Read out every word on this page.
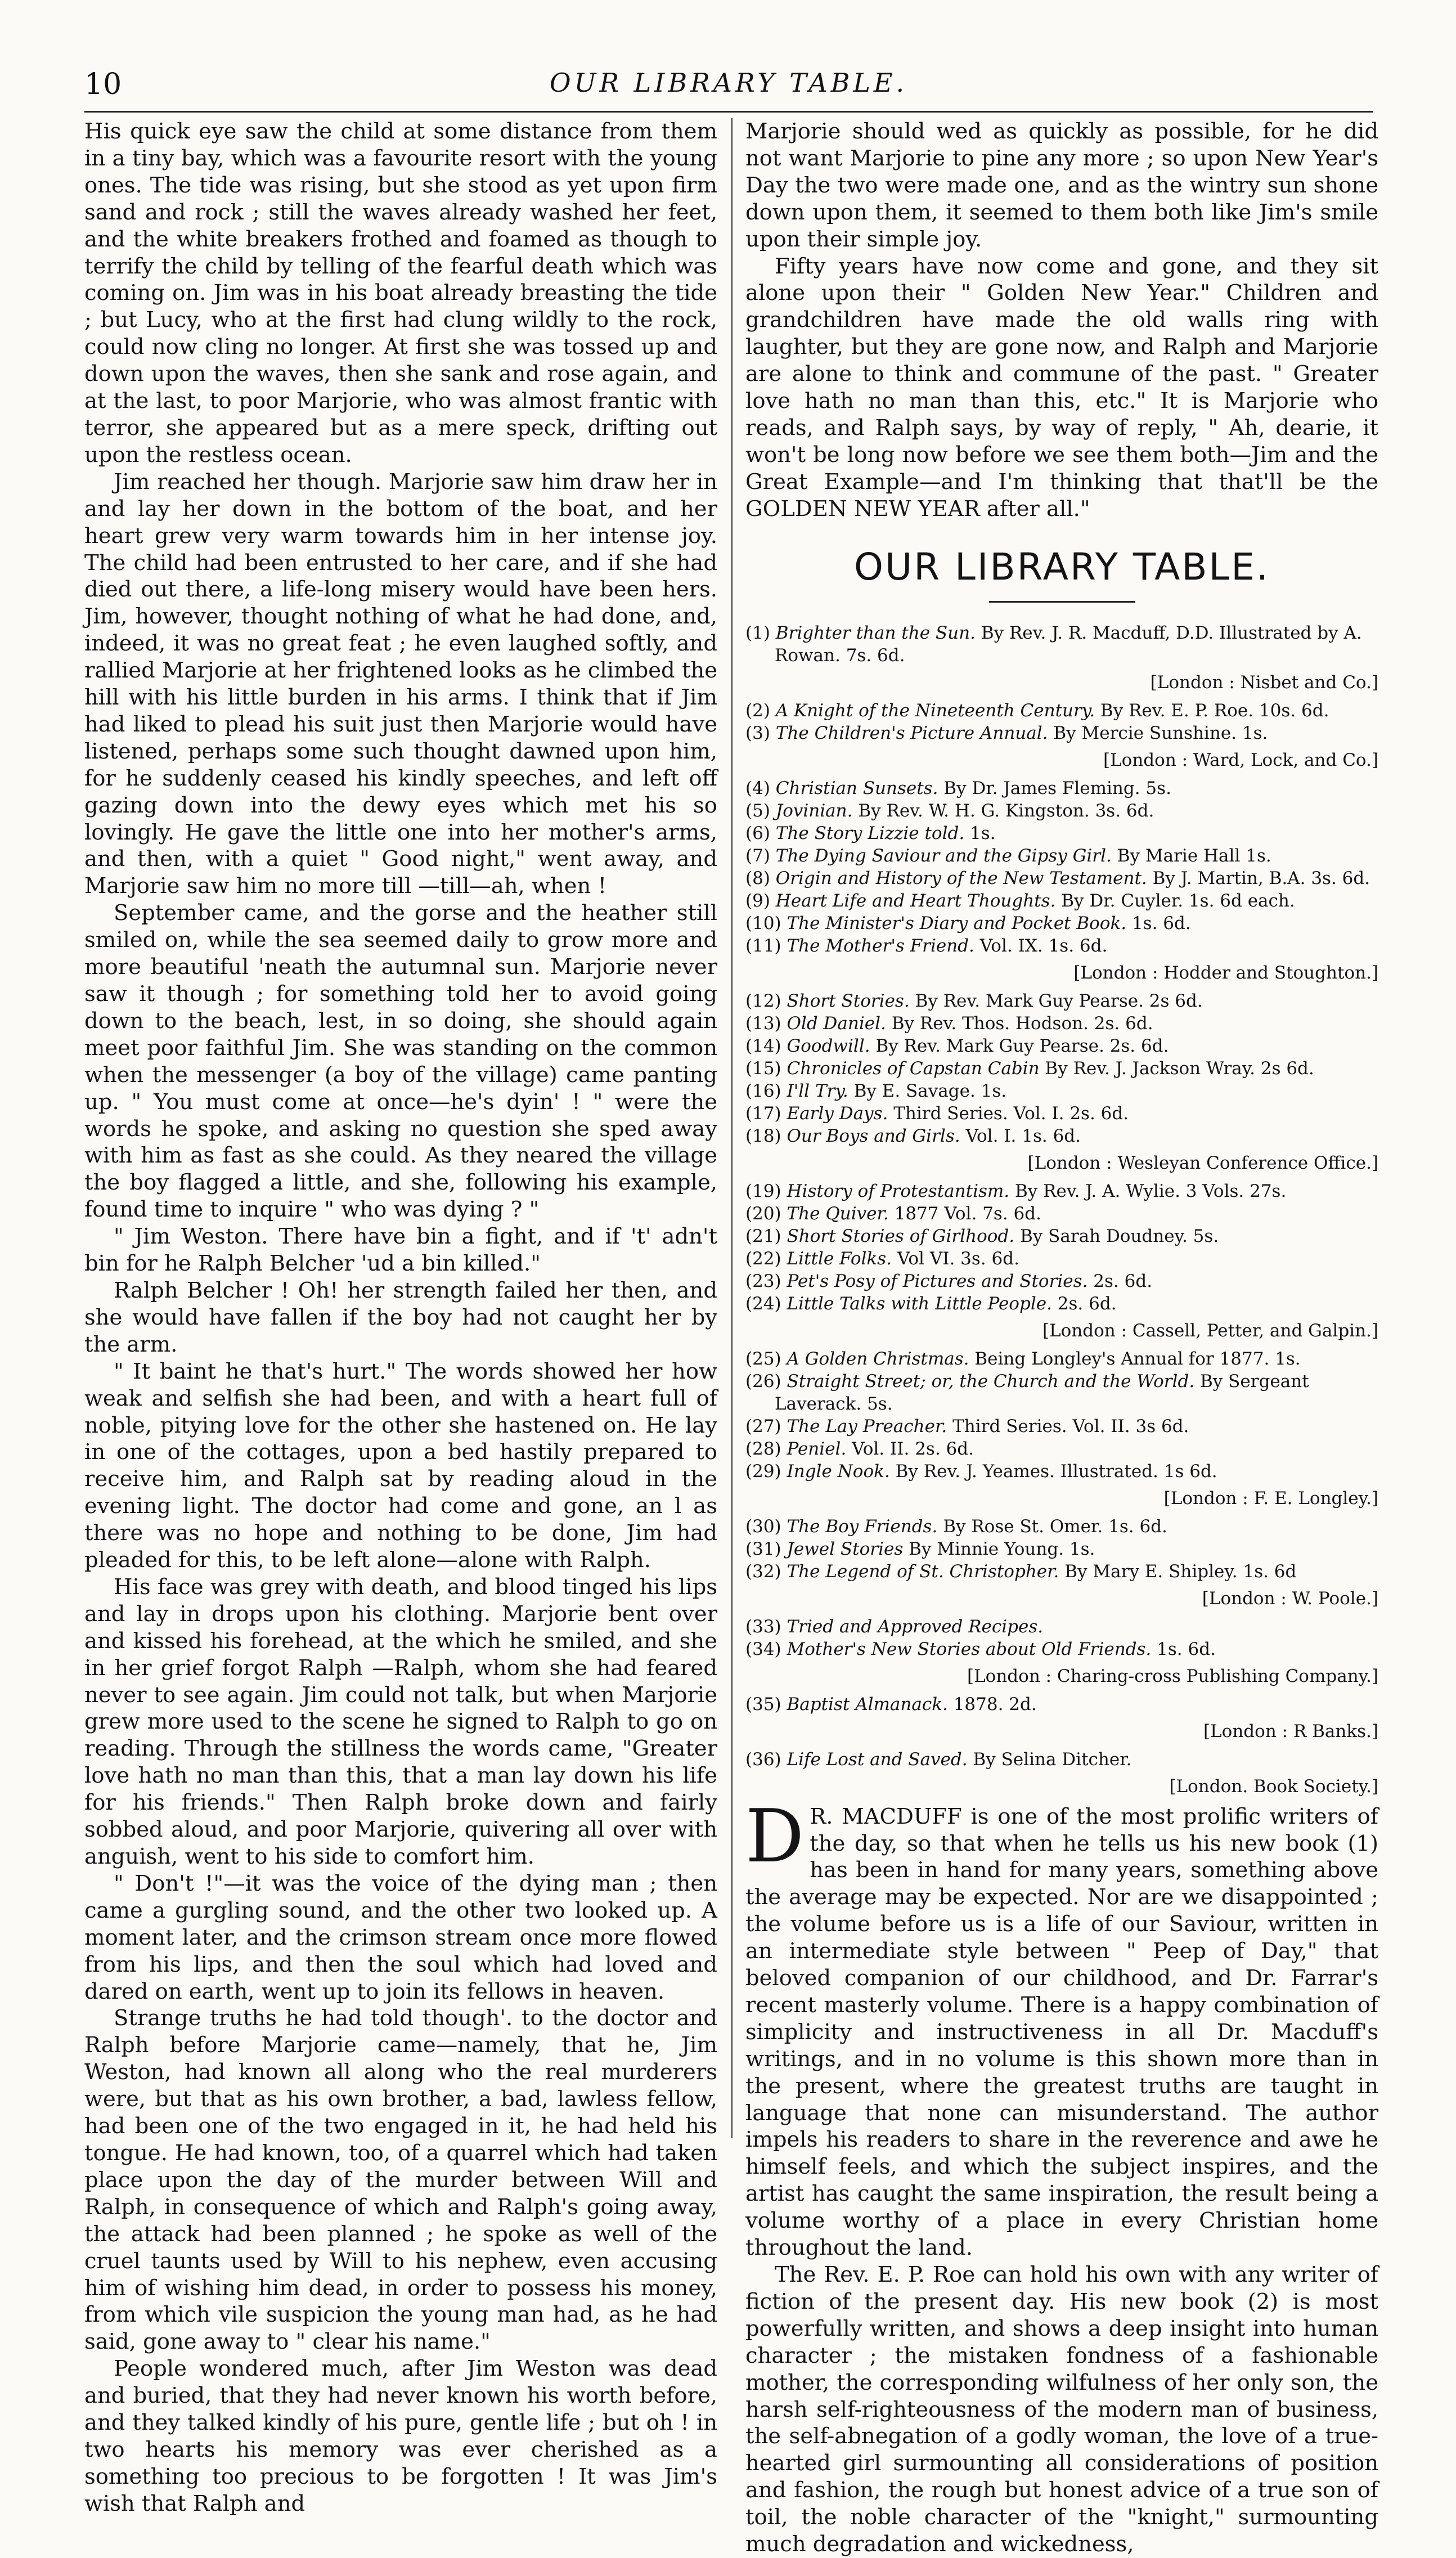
10	OUR LIBRARY TABLE.

His quick eye saw the child at some distance from them in a tiny bay, which was a favourite resort with the young ones. The tide was rising, but she stood as yet upon firm sand and rock ; still the waves already washed her feet, and the white breakers frothed and foamed as though to terrify the child by telling of the fearful death which was coming on. Jim was in his boat already breasting the tide ; but Lucy, who at the first had clung wildly to the rock, could now cling no longer. At first she was tossed up and down upon the waves, then she sank and rose again, and at the last, to poor Marjorie, who was almost frantic with terror, she appeared but as a mere speck, drifting out upon the restless ocean.

Jim reached her though. Marjorie saw him draw her in and lay her down in the bottom of the boat, and her heart grew very warm towards him in her intense joy. The child had been entrusted to her care, and if she had died out there, a life-long misery would have been hers. Jim, however, thought nothing of what he had done, and, indeed, it was no great feat ; he even laughed softly, and rallied Marjorie at her frightened looks as he climbed the hill with his little burden in his arms. I think that if Jim had liked to plead his suit just then Marjorie would have listened, perhaps some such thought dawned upon him, for he suddenly ceased his kindly speeches, and left off gazing down into the dewy eyes which met his so lovingly. He gave the little one into her mother's arms, and then, with a quiet " Good night," went away, and Marjorie saw him no more till —till—ah, when !

September came, and the gorse and the heather still smiled on, while the sea seemed daily to grow more and more beautiful 'neath the autumnal sun. Marjorie never saw it though ; for something told her to avoid going down to the beach, lest, in so doing, she should again meet poor faithful Jim. She was standing on the common when the messenger (a boy of the village) came panting up. " You must come at once—he's dyin' ! " were the words he spoke, and asking no question she sped away with him as fast as she could. As they neared the village the boy flagged a little, and she, following his example, found time to inquire " who was dying ? "

" Jim Weston. There have bin a fight, and if 't' adn't bin for he Ralph Belcher 'ud a bin killed."

Ralph Belcher ! Oh! her strength failed her then, and she would have fallen if the boy had not caught her by the arm.

" It baint he that's hurt." The words showed her how weak and selfish she had been, and with a heart full of noble, pitying love for the other she hastened on. He lay in one of the cottages, upon a bed hastily prepared to receive him, and Ralph sat by reading aloud in the evening light. The doctor had come and gone, an l as there was no hope and nothing to be done, Jim had pleaded for this, to be left alone—alone with Ralph.

His face was grey with death, and blood tinged his lips and lay in drops upon his clothing. Marjorie bent over and kissed his forehead, at the which he smiled, and she in her grief forgot Ralph —Ralph, whom she had feared never to see again. Jim could not talk, but when Marjorie grew more used to the scene he signed to Ralph to go on reading. Through the stillness the words came, "Greater love hath no man than this, that a man lay down his life for his friends." Then Ralph broke down and fairly sobbed aloud, and poor Marjorie, quivering all over with anguish, went to his side to comfort him.

" Don't !"—it was the voice of the dying man ; then came a gurgling sound, and the other two looked up. A moment later, and the crimson stream once more flowed from his lips, and then the soul which had loved and dared on earth, went up to join its fellows in heaven.

Strange truths he had told though'. to the doctor and Ralph before Marjorie came—namely, that he, Jim Weston, had known all along who the real murderers were, but that as his own brother, a bad, lawless fellow, had been one of the two engaged in it, he had held his tongue. He had known, too, of a quarrel which had taken place upon the day of the murder between Will and Ralph, in consequence of which and Ralph's going away, the attack had been planned ; he spoke as well of the cruel taunts used by Will to his nephew, even accusing him of wishing him dead, in order to possess his money, from which vile suspicion the young man had, as he had said, gone away to " clear his name."

People wondered much, after Jim Weston was dead and buried, that they had never known his worth before, and they talked kindly of his pure, gentle life ; but oh ! in two hearts his memory was ever cherished as a something too precious to be forgotten ! It was Jim's wish that Ralph and

Marjorie should wed as quickly as possible, for he did not want Marjorie to pine any more ; so upon New Year's Day the two were made one, and as the wintry sun shone down upon them, it seemed to them both like Jim's smile upon their simple joy.

Fifty years have now come and gone, and they sit alone upon their " Golden New Year." Children and grandchildren have made the old walls ring with laughter, but they are gone now, and Ralph and Marjorie are alone to think and commune of the past. " Greater love hath no man than this, etc." It is Marjorie who reads, and Ralph says, by way of reply, " Ah, dearie, it won't be long now before we see them both—Jim and the Great Example—and I'm thinking that that'll be the GOLDEN NEW YEAR after all."

OUR LIBRARY TABLE.
(1) Brighter than the Sun. By Rev. J. R. Macduff, D.D. Illustrated by A. Rowan. 7s. 6d.
[London : Nisbet and Co.]
(2) A Knight of the Nineteenth Century. By Rev. E. P. Roe. 10s. 6d.
(3) The Children's Picture Annual. By Mercie Sunshine. 1s.
[London : Ward, Lock, and Co.]
(4) Christian Sunsets. By Dr. James Fleming. 5s.
(5) Jovinian. By Rev. W. H. G. Kingston. 3s. 6d.
(6) The Story Lizzie told. 1s.
(7) The Dying Saviour and the Gipsy Girl. By Marie Hall 1s.
(8) Origin and History of the New Testament. By J. Martin, B.A. 3s. 6d.
(9) Heart Life and Heart Thoughts. By Dr. Cuyler. 1s. 6d each.
(10) The Minister's Diary and Pocket Book. 1s. 6d.
(11) The Mother's Friend. Vol. IX. 1s. 6d.
[London : Hodder and Stoughton.]
(12) Short Stories. By Rev. Mark Guy Pearse. 2s 6d.
(13) Old Daniel. By Rev. Thos. Hodson. 2s. 6d.
(14) Goodwill. By Rev. Mark Guy Pearse. 2s. 6d.
(15) Chronicles of Capstan Cabin By Rev. J. Jackson Wray. 2s 6d.
(16) I'll Try. By E. Savage. 1s.
(17) Early Days. Third Series. Vol. I. 2s. 6d.
(18) Our Boys and Girls. Vol. I. 1s. 6d.
[London : Wesleyan Conference Office.]
(19) History of Protestantism. By Rev. J. A. Wylie. 3 Vols. 27s.
(20) The Quiver. 1877 Vol. 7s. 6d.
(21) Short Stories of Girlhood. By Sarah Doudney. 5s.
(22) Little Folks. Vol VI. 3s. 6d.
(23) Pet's Posy of Pictures and Stories. 2s. 6d.
(24) Little Talks with Little People. 2s. 6d.
[London : Cassell, Petter, and Galpin.]
(25) A Golden Christmas. Being Longley's Annual for 1877. 1s.
(26) Straight Street; or, the Church and the World. By Sergeant Laverack. 5s.
(27) The Lay Preacher. Third Series. Vol. II. 3s 6d.
(28) Peniel. Vol. II. 2s. 6d.
(29) Ingle Nook. By Rev. J. Yeames. Illustrated. 1s 6d.
[London : F. E. Longley.]
(30) The Boy Friends. By Rose St. Omer. 1s. 6d.
(31) Jewel Stories By Minnie Young. 1s.
(32) The Legend of St. Christopher. By Mary E. Shipley. 1s. 6d
[London : W. Poole.]
(33) Tried and Approved Recipes.
(34) Mother's New Stories about Old Friends. 1s. 6d.
[London : Charing-cross Publishing Company.]
(35) Baptist Almanack. 1878. 2d.
[London : R Banks.]
(36) Life Lost and Saved. By Selina Ditcher.
[London. Book Society.]

D R. MACDUFF is one of the most prolific writers of the day, so that when he tells us his new book (1) has been in hand for many years, something above the average may be expected. Nor are we disappointed ; the volume before us is a life of our Saviour, written in an intermediate style between " Peep of Day," that beloved companion of our childhood, and Dr. Farrar's recent masterly volume. There is a happy combination of simplicity and instructiveness in all Dr. Macduff's writings, and in no volume is this shown more than in the present, where the greatest truths are taught in language that none can misunderstand. The author impels his readers to share in the reverence and awe he himself feels, and which the subject inspires, and the artist has caught the same inspiration, the result being a volume worthy of a place in every Christian home throughout the land.

The Rev. E. P. Roe can hold his own with any writer of fiction of the present day. His new book (2) is most powerfully written, and shows a deep insight into human character ; the mistaken fondness of a fashionable mother, the corresponding wilfulness of her only son, the harsh self-righteousness of the modern man of business, the self-abnegation of a godly woman, the love of a true-hearted girl surmounting all considerations of position and fashion, the rough but honest advice of a true son of toil, the noble character of the "knight," surmounting much degradation and wickedness,
